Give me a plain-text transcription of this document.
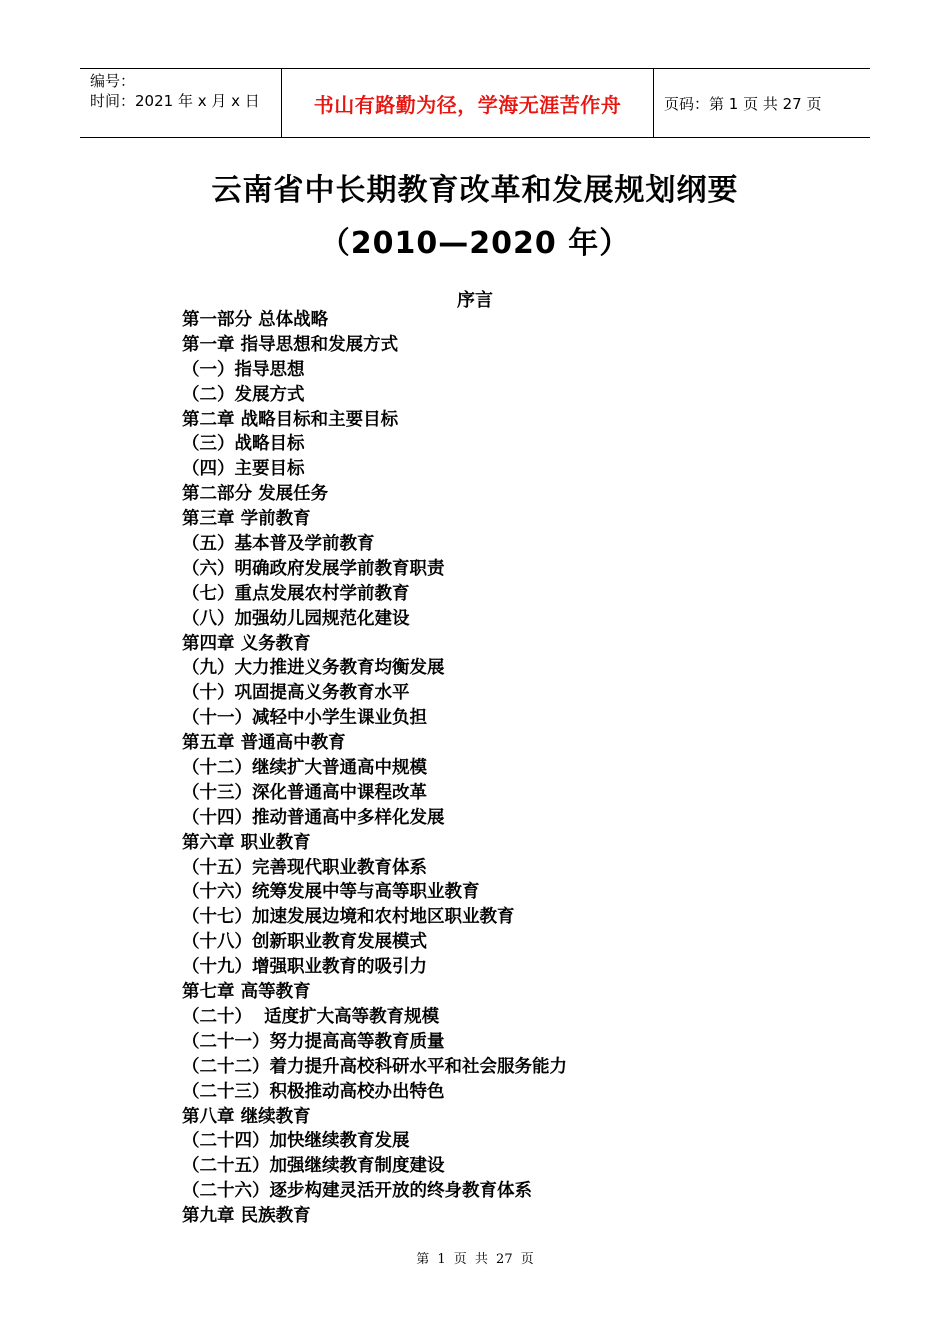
编号：
时间：2021 年 x 月 x 日	书山有路勤为径，学海无涯苦作舟	页码：第 1 页 共 27 页
云南省中长期教育改革和发展规划纲要
（2010—2020 年）
序言
第一部分 总体战略
第一章 指导思想和发展方式
（一）指导思想
（二）发展方式
第二章 战略目标和主要目标
（三）战略目标
（四）主要目标
第二部分 发展任务
第三章 学前教育
（五）基本普及学前教育
（六）明确政府发展学前教育职责
（七）重点发展农村学前教育
（八）加强幼儿园规范化建设
第四章 义务教育
（九）大力推进义务教育均衡发展
（十）巩固提高义务教育水平
（十一）减轻中小学生课业负担
第五章 普通高中教育
（十二）继续扩大普通高中规模
（十三）深化普通高中课程改革
（十四）推动普通高中多样化发展
第六章 职业教育
（十五）完善现代职业教育体系
（十六）统筹发展中等与高等职业教育
（十七）加速发展边境和农村地区职业教育
（十八）创新职业教育发展模式
（十九）增强职业教育的吸引力
第七章 高等教育
（二十）  适度扩大高等教育规模
（二十一）努力提高高等教育质量
（二十二）着力提升高校科研水平和社会服务能力
（二十三）积极推动高校办出特色
第八章 继续教育
（二十四）加快继续教育发展
（二十五）加强继续教育制度建设
（二十六）逐步构建灵活开放的终身教育体系
第九章 民族教育
第 1 页 共 27 页
